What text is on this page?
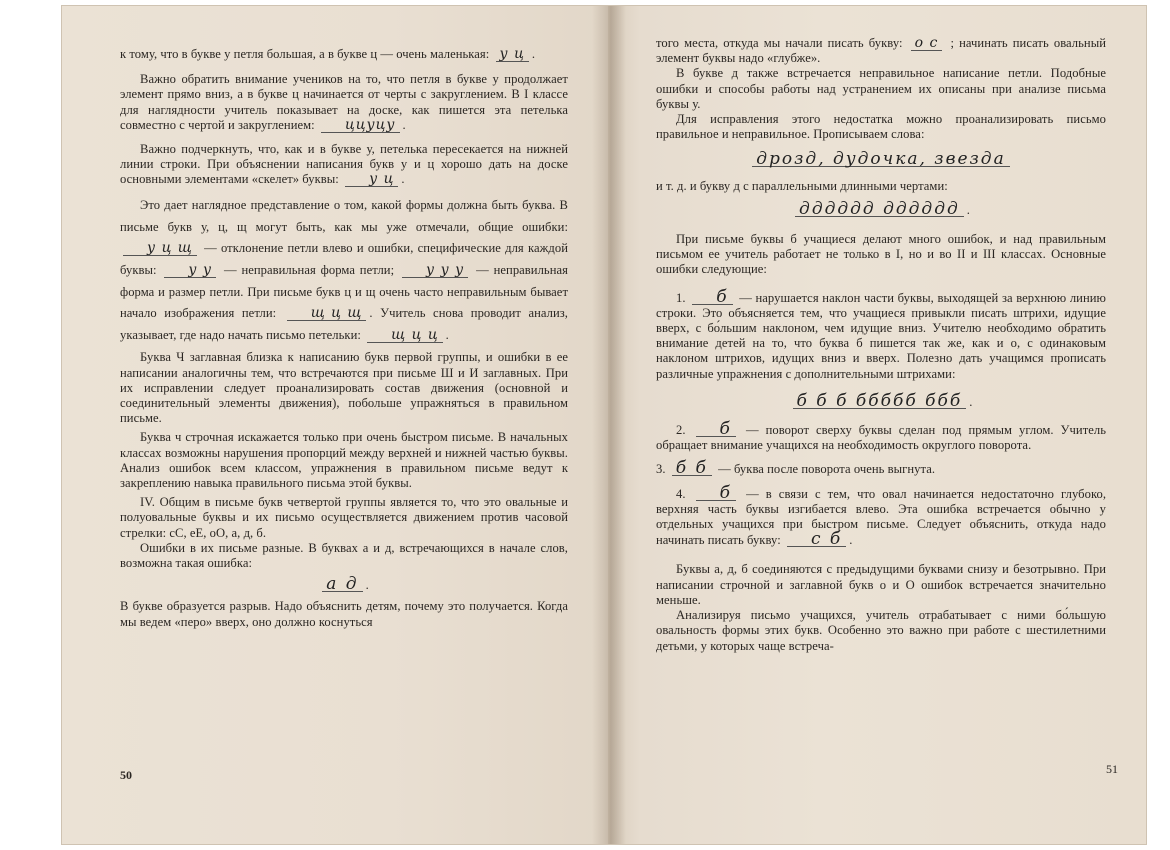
к тому, что в букве у петля большая, а в букве ц — очень маленькая: у ц .

Важно обратить внимание учеников на то, что петля в букве у продолжает элемент прямо вниз, а в букве ц начинается от черты с закруглением. В I классе для наглядности учитель показывает на доске, как пишется эта петелька совместно с чертой и закруглением: ццуцу .

Важно подчеркнуть, что, как и в букве у, петелька пересекается на нижней линии строки. При объяснении написания букв у и ц хорошо дать на доске основными элементами «скелет» буквы: у ц .

Это дает наглядное представление о том, какой формы должна быть буква. В письме букв у, ц, щ могут быть, как мы уже отмечали, общие ошибки: у ц щ — отклонение петли влево и ошибки, специфические для каждой буквы: у у — неправильная форма петли; у у у — неправильная форма и размер петли. При письме букв ц и щ очень часто неправильным бывает начало изображения петли: щ ц щ . Учитель снова проводит анализ, указывает, где надо начать письмо петельки: щ ц ц .

Буква Ч заглавная близка к написанию букв первой группы, и ошибки в ее написании аналогичны тем, что встречаются при письме Ш и И заглавных. При их исправлении следует проанализировать состав движения (основной и соединительный элементы движения), побольше упражняться в правильном письме.

Буква ч строчная искажается только при очень быстром письме. В начальных классах возможны нарушения пропорций между верхней и нижней частью буквы. Анализ ошибок всем классом, упражнения в правильном письме ведут к закреплению навыка правильного письма этой буквы.

IV. Общим в письме букв четвертой группы является то, что это овальные и полуовальные буквы и их письмо осуществляется движением против часовой стрелки: сС, еЕ, оО, а, д, б.

Ошибки в их письме разные. В буквах а и д, встречающихся в начале слов, возможна такая ошибка:

а д .

В букве образуется разрыв. Надо объяснить детям, почему это получается. Когда мы ведем «перо» вверх, оно должно коснуться

50

того места, откуда мы начали писать букву: о с ; начинать писать овальный элемент буквы надо «глубже».

В букве д также встречается неправильное написание петли. Подобные ошибки и способы работы над устранением их описаны при анализе письма буквы у.

Для исправления этого недостатка можно проанализировать письмо правильное и неправильное. Прописываем слова:

дрозд, дудочка, звезда

и т. д. и букву д с параллельными длинными чертами:

дддддд дддддд .

При письме буквы б учащиеся делают много ошибок, и над правильным письмом ее учитель работает не только в I, но и во II и III классах. Основные ошибки следующие:

1. б — нарушается наклон части буквы, выходящей за верхнюю линию строки. Это объясняется тем, что учащиеся привыкли писать штрихи, идущие вверх, с бо́льшим наклоном, чем идущие вниз. Учителю необходимо обратить внимание детей на то, что буква б пишется так же, как и о, с одинаковым наклоном штрихов, идущих вниз и вверх. Полезно дать учащимся прописать различные упражнения с дополнительными штрихами:

б б б ббббб ббб .

2. б — поворот сверху буквы сделан под прямым углом. Учитель обращает внимание учащихся на необходимость округлого поворота.

3. б б — буква после поворота очень выгнута.

4. б — в связи с тем, что овал начинается недостаточно глубоко, верхняя часть буквы изгибается влево. Эта ошибка встречается обычно у отдельных учащихся при быстром письме. Следует объяснить, откуда надо начинать писать букву: с б .

Буквы а, д, б соединяются с предыдущими буквами снизу и безотрывно. При написании строчной и заглавной букв о и О ошибок встречается значительно меньше.

Анализируя письмо учащихся, учитель отрабатывает с ними бо́льшую овальность формы этих букв. Особенно это важно при работе с шестилетними детьми, у которых чаще встреча-

51
